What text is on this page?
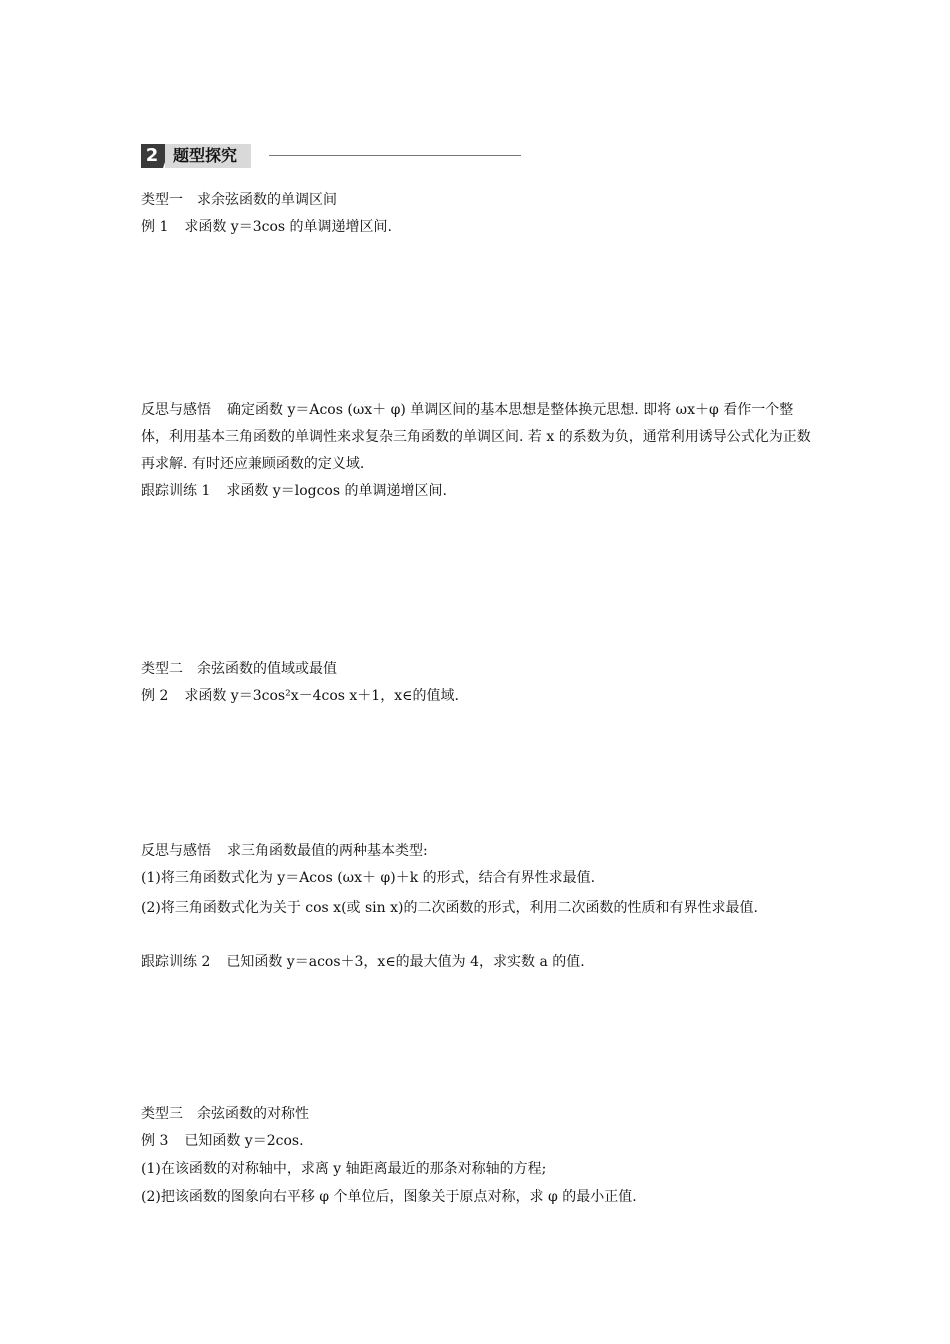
2 题型探究
类型一　求余弦函数的单调区间
例 1 求函数 y＝3cos 的单调递增区间.
反思与感悟 确定函数 y＝Acos (ωx＋ φ) 单调区间的基本思想是整体换元思想. 即将 ωx＋φ 看作一个整体，利用基本三角函数的单调性来求复杂三角函数的单调区间. 若 x 的系数为负，通常利用诱导公式化为正数再求解. 有时还应兼顾函数的定义域.
跟踪训练 1 求函数 y＝logcos 的单调递增区间.
类型二　余弦函数的值域或最值
例 2 求函数 y＝3cos²x－4cos x＋1，x∈的值域.
反思与感悟 求三角函数最值的两种基本类型:
(1)将三角函数式化为 y＝Acos (ωx＋ φ)＋k 的形式，结合有界性求最值.
(2)将三角函数式化为关于 cos x(或 sin x)的二次函数的形式，利用二次函数的性质和有界性求最值.
跟踪训练 2 已知函数 y＝acos＋3，x∈的最大值为 4，求实数 a 的值.
类型三　余弦函数的对称性
例 3 已知函数 y＝2cos.
(1)在该函数的对称轴中，求离 y 轴距离最近的那条对称轴的方程;
(2)把该函数的图象向右平移 φ 个单位后，图象关于原点对称，求 φ 的最小正值.
